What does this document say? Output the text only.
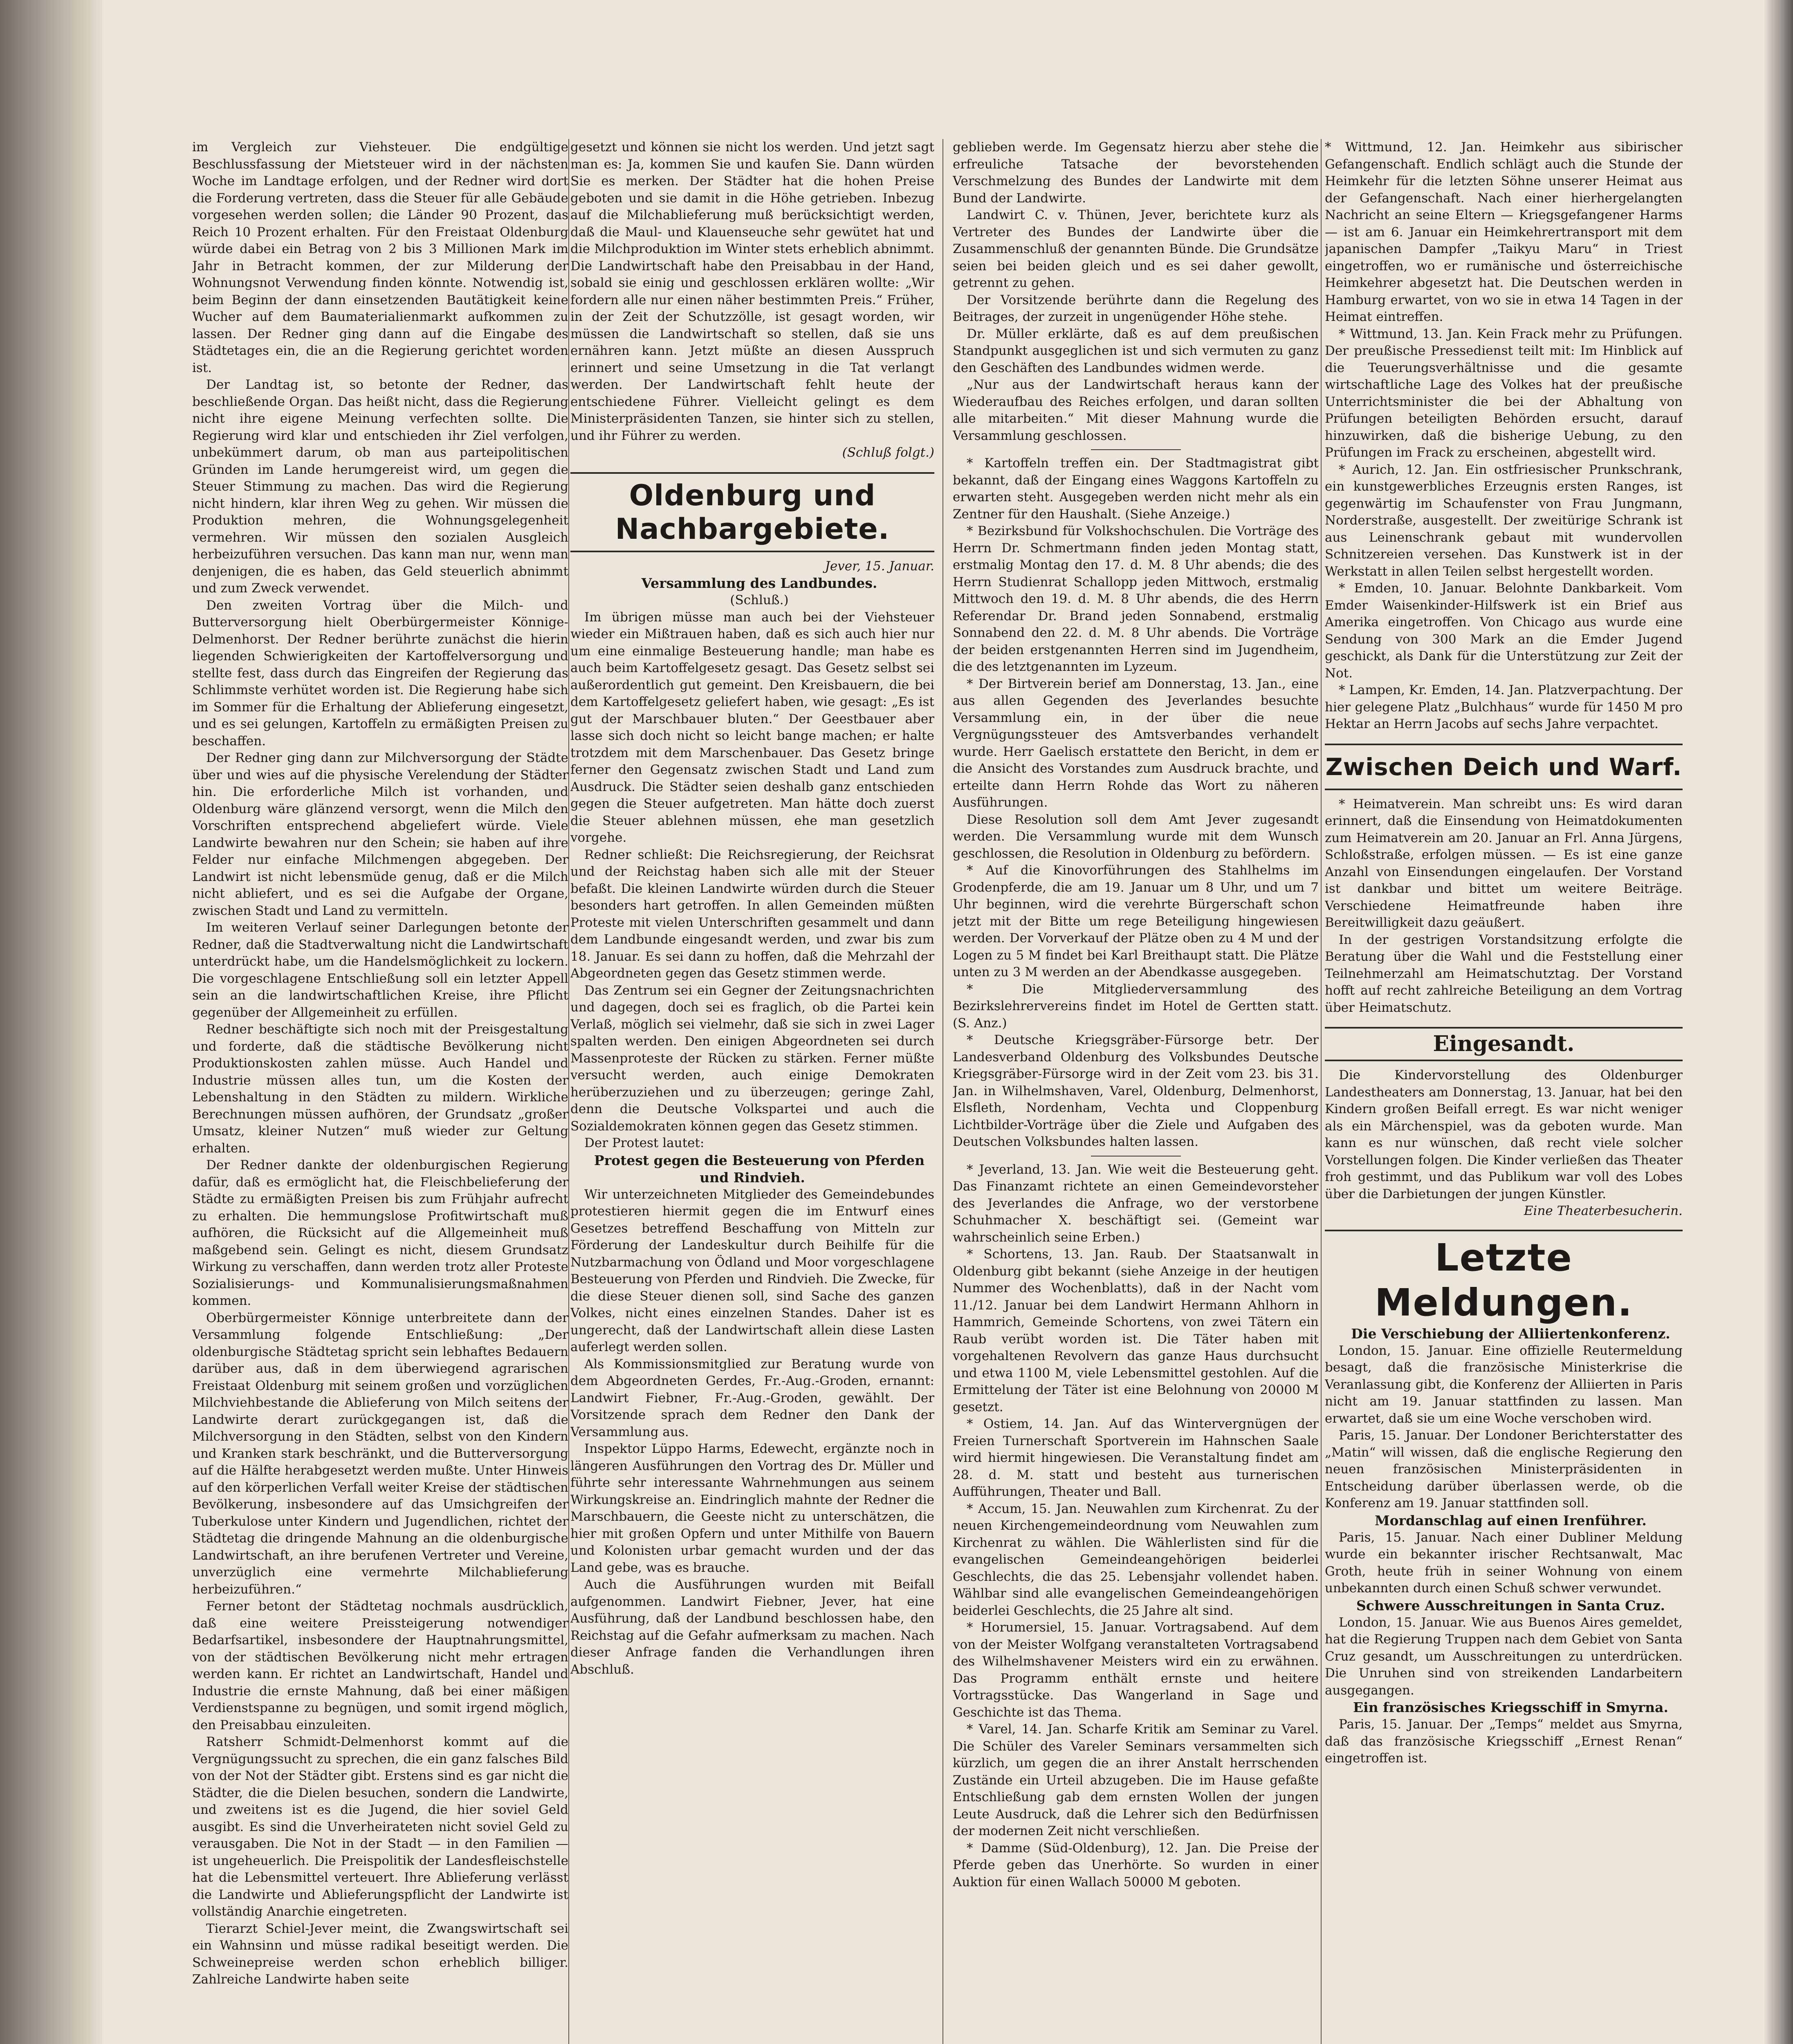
im Vergleich zur Viehsteuer. Die endgültige Beschlussfassung der Mietsteuer wird in der nächsten Woche im Landtage erfolgen, und der Redner wird dort die Forderung vertreten, dass die Steuer für alle Gebäude vorgesehen werden sollen; die Länder 90 Prozent, das Reich 10 Prozent erhalten. Für den Freistaat Oldenburg würde dabei ein Betrag von 2 bis 3 Millionen Mark im Jahr in Betracht kommen, der zur Milderung der Wohnungsnot Verwendung finden könnte. Notwendig ist, beim Beginn der dann einsetzenden Bautätigkeit keine Wucher auf dem Baumaterialienmarkt aufkommen zu lassen. Der Redner ging dann auf die Eingabe des Städtetages ein, die an die Regierung gerichtet worden ist.

Der Landtag ist, so betonte der Redner, das beschließende Organ. Das heißt nicht, dass die Regierung nicht ihre eigene Meinung verfechten sollte. Die Regierung wird klar und entschieden ihr Ziel verfolgen, unbekümmert darum, ob man aus parteipolitischen Gründen im Lande herumgereist wird, um gegen die Steuer Stimmung zu machen. Das wird die Regierung nicht hindern, klar ihren Weg zu gehen. Wir müssen die Produktion mehren, die Wohnungsgelegenheit vermehren. Wir müssen den sozialen Ausgleich herbeizuführen versuchen. Das kann man nur, wenn man denjenigen, die es haben, das Geld steuerlich abnimmt und zum Zweck verwendet.

Den zweiten Vortrag über die Milch- und Butterversorgung hielt Oberbürgermeister Könnige-Delmenhorst. Der Redner berührte zunächst die hierin liegenden Schwierigkeiten der Kartoffelversorgung und stellte fest, dass durch das Eingreifen der Regierung das Schlimmste verhütet worden ist. Die Regierung habe sich im Sommer für die Erhaltung der Ablieferung eingesetzt, und es sei gelungen, Kartoffeln zu ermäßigten Preisen zu beschaffen.

Der Redner ging dann zur Milchversorgung der Städte über und wies auf die physische Verelendung der Städter hin. Die erforderliche Milch ist vorhanden, und Oldenburg wäre glänzend versorgt, wenn die Milch den Vorschriften entsprechend abgeliefert würde. Viele Landwirte bewahren nur den Schein; sie haben auf ihre Felder nur einfache Milchmengen abgegeben. Der Landwirt ist nicht lebensmüde genug, daß er die Milch nicht abliefert, und es sei die Aufgabe der Organe, zwischen Stadt und Land zu vermitteln.

Im weiteren Verlauf seiner Darlegungen betonte der Redner, daß die Stadtverwaltung nicht die Landwirtschaft unterdrückt habe, um die Handelsmöglichkeit zu lockern. Die vorgeschlagene Entschließung soll ein letzter Appell sein an die landwirtschaftlichen Kreise, ihre Pflicht gegenüber der Allgemeinheit zu erfüllen.

Redner beschäftigte sich noch mit der Preisgestaltung und forderte, daß die städtische Bevölkerung nicht Produktionskosten zahlen müsse. Auch Handel und Industrie müssen alles tun, um die Kosten der Lebenshaltung in den Städten zu mildern. Wirkliche Berechnungen müssen aufhören, der Grundsatz „großer Umsatz, kleiner Nutzen“ muß wieder zur Geltung erhalten.

Der Redner dankte der oldenburgischen Regierung dafür, daß es ermöglicht hat, die Fleischbelieferung der Städte zu ermäßigten Preisen bis zum Frühjahr aufrecht zu erhalten. Die hemmungslose Profitwirtschaft muß aufhören, die Rücksicht auf die Allgemeinheit muß maßgebend sein. Gelingt es nicht, diesem Grundsatz Wirkung zu verschaffen, dann werden trotz aller Proteste Sozialisierungs- und Kommunalisierungsmaßnahmen kommen.

Oberbürgermeister Könnige unterbreitete dann der Versammlung folgende Entschließung: „Der oldenburgische Städtetag spricht sein lebhaftes Bedauern darüber aus, daß in dem überwiegend agrarischen Freistaat Oldenburg mit seinem großen und vorzüglichen Milchviehbestande die Ablieferung von Milch seitens der Landwirte derart zurückgegangen ist, daß die Milchversorgung in den Städten, selbst von den Kindern und Kranken stark beschränkt, und die Butterversorgung auf die Hälfte herabgesetzt werden mußte. Unter Hinweis auf den körperlichen Verfall weiter Kreise der städtischen Bevölkerung, insbesondere auf das Umsichgreifen der Tuberkulose unter Kindern und Jugendlichen, richtet der Städtetag die dringende Mahnung an die oldenburgische Landwirtschaft, an ihre berufenen Vertreter und Vereine, unverzüglich eine vermehrte Milchablieferung herbeizuführen.“

Ferner betont der Städtetag nochmals ausdrücklich, daß eine weitere Preissteigerung notwendiger Bedarfsartikel, insbesondere der Hauptnahrungsmittel, von der städtischen Bevölkerung nicht mehr ertragen werden kann. Er richtet an Landwirtschaft, Handel und Industrie die ernste Mahnung, daß bei einer mäßigen Verdienstspanne zu begnügen, und somit irgend möglich, den Preisabbau einzuleiten.

Ratsherr Schmidt-Delmenhorst kommt auf die Vergnügungssucht zu sprechen, die ein ganz falsches Bild von der Not der Städter gibt. Erstens sind es gar nicht die Städter, die die Dielen besuchen, sondern die Landwirte, und zweitens ist es die Jugend, die hier soviel Geld ausgibt. Es sind die Unverheirateten nicht soviel Geld zu verausgaben. Die Not in der Stadt — in den Familien — ist ungeheuerlich. Die Preispolitik der Landesfleischstelle hat die Lebensmittel verteuert. Ihre Ablieferung verlässt die Landwirte und Ablieferungspflicht der Landwirte ist vollständig Anarchie eingetreten.

Tierarzt Schiel-Jever meint, die Zwangswirtschaft sei ein Wahnsinn und müsse radikal beseitigt werden. Die Schweinepreise werden schon erheblich billiger. Zahlreiche Landwirte haben seite

gesetzt und können sie nicht los werden. Und jetzt sagt man es: Ja, kommen Sie und kaufen Sie. Dann würden Sie es merken. Der Städter hat die hohen Preise geboten und sie damit in die Höhe getrieben. Inbezug auf die Milchablieferung muß berücksichtigt werden, daß die Maul- und Klauenseuche sehr gewütet hat und die Milchproduktion im Winter stets erheblich abnimmt. Die Landwirtschaft habe den Preisabbau in der Hand, sobald sie einig und geschlossen erklären wollte: „Wir fordern alle nur einen näher bestimmten Preis.“ Früher, in der Zeit der Schutzzölle, ist gesagt worden, wir müssen die Landwirtschaft so stellen, daß sie uns ernähren kann. Jetzt müßte an diesen Ausspruch erinnert und seine Umsetzung in die Tat verlangt werden. Der Landwirtschaft fehlt heute der entschiedene Führer. Vielleicht gelingt es dem Ministerpräsidenten Tanzen, sie hinter sich zu stellen, und ihr Führer zu werden.

(Schluß folgt.)

Oldenburg und Nachbargebiete.

Jever, 15. Januar.

Versammlung des Landbundes.

(Schluß.)

Im übrigen müsse man auch bei der Viehsteuer wieder ein Mißtrauen haben, daß es sich auch hier nur um eine einmalige Besteuerung handle; man habe es auch beim Kartoffelgesetz gesagt. Das Gesetz selbst sei außerordentlich gut gemeint. Den Kreisbauern, die bei dem Kartoffelgesetz geliefert haben, wie gesagt: „Es ist gut der Marschbauer bluten.“ Der Geestbauer aber lasse sich doch nicht so leicht bange machen; er halte trotzdem mit dem Marschenbauer. Das Gesetz bringe ferner den Gegensatz zwischen Stadt und Land zum Ausdruck. Die Städter seien deshalb ganz entschieden gegen die Steuer aufgetreten. Man hätte doch zuerst die Steuer ablehnen müssen, ehe man gesetzlich vorgehe.

Redner schließt: Die Reichsregierung, der Reichsrat und der Reichstag haben sich alle mit der Steuer befaßt. Die kleinen Landwirte würden durch die Steuer besonders hart getroffen. In allen Gemeinden müßten Proteste mit vielen Unterschriften gesammelt und dann dem Landbunde eingesandt werden, und zwar bis zum 18. Januar. Es sei dann zu hoffen, daß die Mehrzahl der Abgeordneten gegen das Gesetz stimmen werde.

Das Zentrum sei ein Gegner der Zeitungsnachrichten und dagegen, doch sei es fraglich, ob die Partei kein Verlaß, möglich sei vielmehr, daß sie sich in zwei Lager spalten werden. Den einigen Abgeordneten sei durch Massenproteste der Rücken zu stärken. Ferner müßte versucht werden, auch einige Demokraten herüberzuziehen und zu überzeugen; geringe Zahl, denn die Deutsche Volkspartei und auch die Sozialdemokraten können gegen das Gesetz stimmen.

Der Protest lautet:

Protest gegen die Besteuerung von Pferden und Rindvieh.

Wir unterzeichneten Mitglieder des Gemeindebundes protestieren hiermit gegen die im Entwurf eines Gesetzes betreffend Beschaffung von Mitteln zur Förderung der Landeskultur durch Beihilfe für die Nutzbarmachung von Ödland und Moor vorgeschlagene Besteuerung von Pferden und Rindvieh. Die Zwecke, für die diese Steuer dienen soll, sind Sache des ganzen Volkes, nicht eines einzelnen Standes. Daher ist es ungerecht, daß der Landwirtschaft allein diese Lasten auferlegt werden sollen.

Als Kommissionsmitglied zur Beratung wurde von dem Abgeordneten Gerdes, Fr.-Aug.-Groden, ernannt: Landwirt Fiebner, Fr.-Aug.-Groden, gewählt. Der Vorsitzende sprach dem Redner den Dank der Versammlung aus.

Inspektor Lüppo Harms, Edewecht, ergänzte noch in längeren Ausführungen den Vortrag des Dr. Müller und führte sehr interessante Wahrnehmungen aus seinem Wirkungskreise an. Eindringlich mahnte der Redner die Marschbauern, die Geeste nicht zu unterschätzen, die hier mit großen Opfern und unter Mithilfe von Bauern und Kolonisten urbar gemacht wurden und der das Land gebe, was es brauche.

Auch die Ausführungen wurden mit Beifall aufgenommen. Landwirt Fiebner, Jever, hat eine Ausführung, daß der Landbund beschlossen habe, den Reichstag auf die Gefahr aufmerksam zu machen. Nach dieser Anfrage fanden die Verhandlungen ihren Abschluß.

geblieben werde. Im Gegensatz hierzu aber stehe die erfreuliche Tatsache der bevorstehenden Verschmelzung des Bundes der Landwirte mit dem Bund der Landwirte.

Landwirt C. v. Thünen, Jever, berichtete kurz als Vertreter des Bundes der Landwirte über die Zusammenschluß der genannten Bünde. Die Grundsätze seien bei beiden gleich und es sei daher gewollt, getrennt zu gehen.

Der Vorsitzende berührte dann die Regelung des Beitrages, der zurzeit in ungenügender Höhe stehe.

Dr. Müller erklärte, daß es auf dem preußischen Standpunkt ausgeglichen ist und sich vermuten zu ganz den Geschäften des Landbundes widmen werde.

„Nur aus der Landwirtschaft heraus kann der Wiederaufbau des Reiches erfolgen, und daran sollten alle mitarbeiten.“ Mit dieser Mahnung wurde die Versammlung geschlossen.

* Kartoffeln treffen ein. Der Stadtmagistrat gibt bekannt, daß der Eingang eines Waggons Kartoffeln zu erwarten steht. Ausgegeben werden nicht mehr als ein Zentner für den Haushalt. (Siehe Anzeige.)

* Bezirksbund für Volkshochschulen. Die Vorträge des Herrn Dr. Schmertmann finden jeden Montag statt, erstmalig Montag den 17. d. M. 8 Uhr abends; die des Herrn Studienrat Schallopp jeden Mittwoch, erstmalig Mittwoch den 19. d. M. 8 Uhr abends, die des Herrn Referendar Dr. Brand jeden Sonnabend, erstmalig Sonnabend den 22. d. M. 8 Uhr abends. Die Vorträge der beiden erstgenannten Herren sind im Jugendheim, die des letztgenannten im Lyzeum.

* Der Birtverein berief am Donnerstag, 13. Jan., eine aus allen Gegenden des Jeverlandes besuchte Versammlung ein, in der über die neue Vergnügungssteuer des Amtsverbandes verhandelt wurde. Herr Gaelisch erstattete den Bericht, in dem er die Ansicht des Vorstandes zum Ausdruck brachte, und erteilte dann Herrn Rohde das Wort zu näheren Ausführungen.

Diese Resolution soll dem Amt Jever zugesandt werden. Die Versammlung wurde mit dem Wunsch geschlossen, die Resolution in Oldenburg zu befördern.

* Auf die Kinovorführungen des Stahlhelms im Grodenpferde, die am 19. Januar um 8 Uhr, und um 7 Uhr beginnen, wird die verehrte Bürgerschaft schon jetzt mit der Bitte um rege Beteiligung hingewiesen werden. Der Vorverkauf der Plätze oben zu 4 M und der Logen zu 5 M findet bei Karl Breithaupt statt. Die Plätze unten zu 3 M werden an der Abendkasse ausgegeben.

* Die Mitgliederversammlung des Bezirkslehrervereins findet im Hotel de Gertten statt. (S. Anz.)

* Deutsche Kriegsgräber-Fürsorge betr. Der Landesverband Oldenburg des Volksbundes Deutsche Kriegsgräber-Fürsorge wird in der Zeit vom 23. bis 31. Jan. in Wilhelmshaven, Varel, Oldenburg, Delmenhorst, Elsfleth, Nordenham, Vechta und Cloppenburg Lichtbilder-Vorträge über die Ziele und Aufgaben des Deutschen Volksbundes halten lassen.

* Jeverland, 13. Jan. Wie weit die Besteuerung geht. Das Finanzamt richtete an einen Gemeindevorsteher des Jeverlandes die Anfrage, wo der verstorbene Schuhmacher X. beschäftigt sei. (Gemeint war wahrscheinlich seine Erben.)

* Schortens, 13. Jan. Raub. Der Staatsanwalt in Oldenburg gibt bekannt (siehe Anzeige in der heutigen Nummer des Wochenblatts), daß in der Nacht vom 11./12. Januar bei dem Landwirt Hermann Ahlhorn in Hammrich, Gemeinde Schortens, von zwei Tätern ein Raub verübt worden ist. Die Täter haben mit vorgehaltenen Revolvern das ganze Haus durchsucht und etwa 1100 M, viele Lebensmittel gestohlen. Auf die Ermittelung der Täter ist eine Belohnung von 20000 M gesetzt.

* Ostiem, 14. Jan. Auf das Wintervergnügen der Freien Turnerschaft Sportverein im Hahnschen Saale wird hiermit hingewiesen. Die Veranstaltung findet am 28. d. M. statt und besteht aus turnerischen Aufführungen, Theater und Ball.

* Accum, 15. Jan. Neuwahlen zum Kirchenrat. Zu der neuen Kirchengemeindeordnung vom Neuwahlen zum Kirchenrat zu wählen. Die Wählerlisten sind für die evangelischen Gemeindeangehörigen beiderlei Geschlechts, die das 25. Lebensjahr vollendet haben. Wählbar sind alle evangelischen Gemeindeangehörigen beiderlei Geschlechts, die 25 Jahre alt sind.

* Horumersiel, 15. Januar. Vortragsabend. Auf dem von der Meister Wolfgang veranstalteten Vortragsabend des Wilhelmshavener Meisters wird ein zu erwähnen. Das Programm enthält ernste und heitere Vortragsstücke. Das Wangerland in Sage und Geschichte ist das Thema.

* Varel, 14. Jan. Scharfe Kritik am Seminar zu Varel. Die Schüler des Vareler Seminars versammelten sich kürzlich, um gegen die an ihrer Anstalt herrschenden Zustände ein Urteil abzugeben. Die im Hause gefaßte Entschließung gab dem ernsten Wollen der jungen Leute Ausdruck, daß die Lehrer sich den Bedürfnissen der modernen Zeit nicht verschließen.

* Damme (Süd-Oldenburg), 12. Jan. Die Preise der Pferde geben das Unerhörte. So wurden in einer Auktion für einen Wallach 50000 M geboten.

* Wittmund, 12. Jan. Heimkehr aus sibirischer Gefangenschaft. Endlich schlägt auch die Stunde der Heimkehr für die letzten Söhne unserer Heimat aus der Gefangenschaft. Nach einer hierhergelangten Nachricht an seine Eltern — Kriegsgefangener Harms — ist am 6. Januar ein Heimkehrertransport mit dem japanischen Dampfer „Taikyu Maru“ in Triest eingetroffen, wo er rumänische und österreichische Heimkehrer abgesetzt hat. Die Deutschen werden in Hamburg erwartet, von wo sie in etwa 14 Tagen in der Heimat eintreffen.

* Wittmund, 13. Jan. Kein Frack mehr zu Prüfungen. Der preußische Pressedienst teilt mit: Im Hinblick auf die Teuerungsverhältnisse und die gesamte wirtschaftliche Lage des Volkes hat der preußische Unterrichtsminister die bei der Abhaltung von Prüfungen beteiligten Behörden ersucht, darauf hinzuwirken, daß die bisherige Uebung, zu den Prüfungen im Frack zu erscheinen, abgestellt wird.

* Aurich, 12. Jan. Ein ostfriesischer Prunkschrank, ein kunstgewerbliches Erzeugnis ersten Ranges, ist gegenwärtig im Schaufenster von Frau Jungmann, Norderstraße, ausgestellt. Der zweitürige Schrank ist aus Leinenschrank gebaut mit wundervollen Schnitzereien versehen. Das Kunstwerk ist in der Werkstatt in allen Teilen selbst hergestellt worden.

* Emden, 10. Januar. Belohnte Dankbarkeit. Vom Emder Waisenkinder-Hilfswerk ist ein Brief aus Amerika eingetroffen. Von Chicago aus wurde eine Sendung von 300 Mark an die Emder Jugend geschickt, als Dank für die Unterstützung zur Zeit der Not.

* Lampen, Kr. Emden, 14. Jan. Platzverpachtung. Der hier gelegene Platz „Bulchhaus“ wurde für 1450 M pro Hektar an Herrn Jacobs auf sechs Jahre verpachtet.

Zwischen Deich und Warf.

* Heimatverein. Man schreibt uns: Es wird daran erinnert, daß die Einsendung von Heimatdokumenten zum Heimatverein am 20. Januar an Frl. Anna Jürgens, Schloßstraße, erfolgen müssen. — Es ist eine ganze Anzahl von Einsendungen eingelaufen. Der Vorstand ist dankbar und bittet um weitere Beiträge. Verschiedene Heimatfreunde haben ihre Bereitwilligkeit dazu geäußert.

In der gestrigen Vorstandsitzung erfolgte die Beratung über die Wahl und die Feststellung einer Teilnehmerzahl am Heimatschutztag. Der Vorstand hofft auf recht zahlreiche Beteiligung an dem Vortrag über Heimatschutz.

Eingesandt.

Die Kindervorstellung des Oldenburger Landestheaters am Donnerstag, 13. Januar, hat bei den Kindern großen Beifall erregt. Es war nicht weniger als ein Märchenspiel, was da geboten wurde. Man kann es nur wünschen, daß recht viele solcher Vorstellungen folgen. Die Kinder verließen das Theater froh gestimmt, und das Publikum war voll des Lobes über die Darbietungen der jungen Künstler.

Eine Theaterbesucherin.

Letzte Meldungen.

Die Verschiebung der Alliiertenkonferenz.

London, 15. Januar. Eine offizielle Reutermeldung besagt, daß die französische Ministerkrise die Veranlassung gibt, die Konferenz der Alliierten in Paris nicht am 19. Januar stattfinden zu lassen. Man erwartet, daß sie um eine Woche verschoben wird.

Paris, 15. Januar. Der Londoner Berichterstatter des „Matin“ will wissen, daß die englische Regierung den neuen französischen Ministerpräsidenten in Entscheidung darüber überlassen werde, ob die Konferenz am 19. Januar stattfinden soll.

Mordanschlag auf einen Irenführer.

Paris, 15. Januar. Nach einer Dubliner Meldung wurde ein bekannter irischer Rechtsanwalt, Mac Groth, heute früh in seiner Wohnung von einem unbekannten durch einen Schuß schwer verwundet.

Schwere Ausschreitungen in Santa Cruz.

London, 15. Januar. Wie aus Buenos Aires gemeldet, hat die Regierung Truppen nach dem Gebiet von Santa Cruz gesandt, um Ausschreitungen zu unterdrücken. Die Unruhen sind von streikenden Landarbeitern ausgegangen.

Ein französisches Kriegsschiff in Smyrna.

Paris, 15. Januar. Der „Temps“ meldet aus Smyrna, daß das französische Kriegsschiff „Ernest Renan“ eingetroffen ist.
